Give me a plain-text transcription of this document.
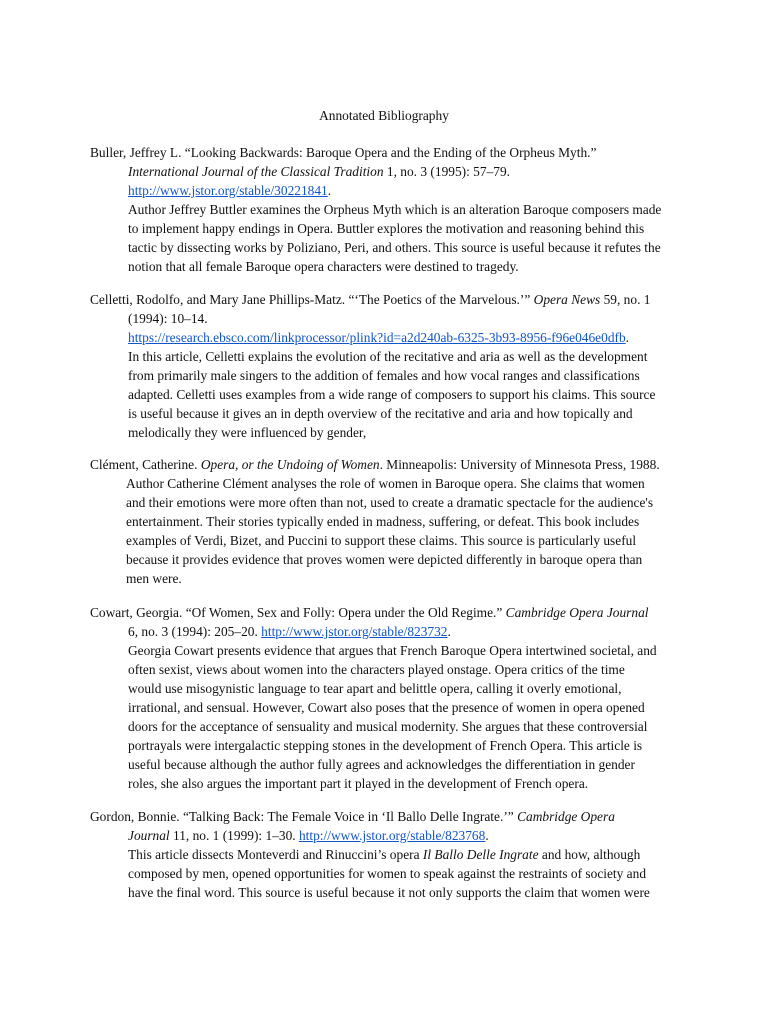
Annotated Bibliography
Buller, Jeffrey L. “Looking Backwards: Baroque Opera and the Ending of the Orpheus Myth.”
International Journal of the Classical Tradition 1, no. 3 (1995): 57–79.
http://www.jstor.org/stable/30221841.
Author Jeffrey Buttler examines the Orpheus Myth which is an alteration Baroque composers made
to implement happy endings in Opera. Buttler explores the motivation and reasoning behind this
tactic by dissecting works by Poliziano, Peri, and others. This source is useful because it refutes the
notion that all female Baroque opera characters were destined to tragedy.
Celletti, Rodolfo, and Mary Jane Phillips-Matz. “‘The Poetics of the Marvelous.’” Opera News 59, no. 1
(1994): 10–14.
https://research.ebsco.com/linkprocessor/plink?id=a2d240ab-6325-3b93-8956-f96e046e0dfb.
In this article, Celletti explains the evolution of the recitative and aria as well as the development
from primarily male singers to the addition of females and how vocal ranges and classifications
adapted. Celletti uses examples from a wide range of composers to support his claims. This source
is useful because it gives an in depth overview of the recitative and aria and how topically and
melodically they were influenced by gender,
Clément, Catherine. Opera, or the Undoing of Women. Minneapolis: University of Minnesota Press, 1988.
Author Catherine Clément analyses the role of women in Baroque opera. She claims that women
and their emotions were more often than not, used to create a dramatic spectacle for the audience's
entertainment. Their stories typically ended in madness, suffering, or defeat. This book includes
examples of Verdi, Bizet, and Puccini to support these claims. This source is particularly useful
because it provides evidence that proves women were depicted differently in baroque opera than
men were.
Cowart, Georgia. “Of Women, Sex and Folly: Opera under the Old Regime.” Cambridge Opera Journal
6, no. 3 (1994): 205–20. http://www.jstor.org/stable/823732.
Georgia Cowart presents evidence that argues that French Baroque Opera intertwined societal, and
often sexist, views about women into the characters played onstage. Opera critics of the time
would use misogynistic language to tear apart and belittle opera, calling it overly emotional,
irrational, and sensual. However, Cowart also poses that the presence of women in opera opened
doors for the acceptance of sensuality and musical modernity. She argues that these controversial
portrayals were intergalactic stepping stones in the development of French Opera. This article is
useful because although the author fully agrees and acknowledges the differentiation in gender
roles, she also argues the important part it played in the development of French opera.
Gordon, Bonnie. “Talking Back: The Female Voice in ‘Il Ballo Delle Ingrate.’” Cambridge Opera
Journal 11, no. 1 (1999): 1–30. http://www.jstor.org/stable/823768.
This article dissects Monteverdi and Rinuccini’s opera Il Ballo Delle Ingrate and how, although
composed by men, opened opportunities for women to speak against the restraints of society and
have the final word. This source is useful because it not only supports the claim that women were
